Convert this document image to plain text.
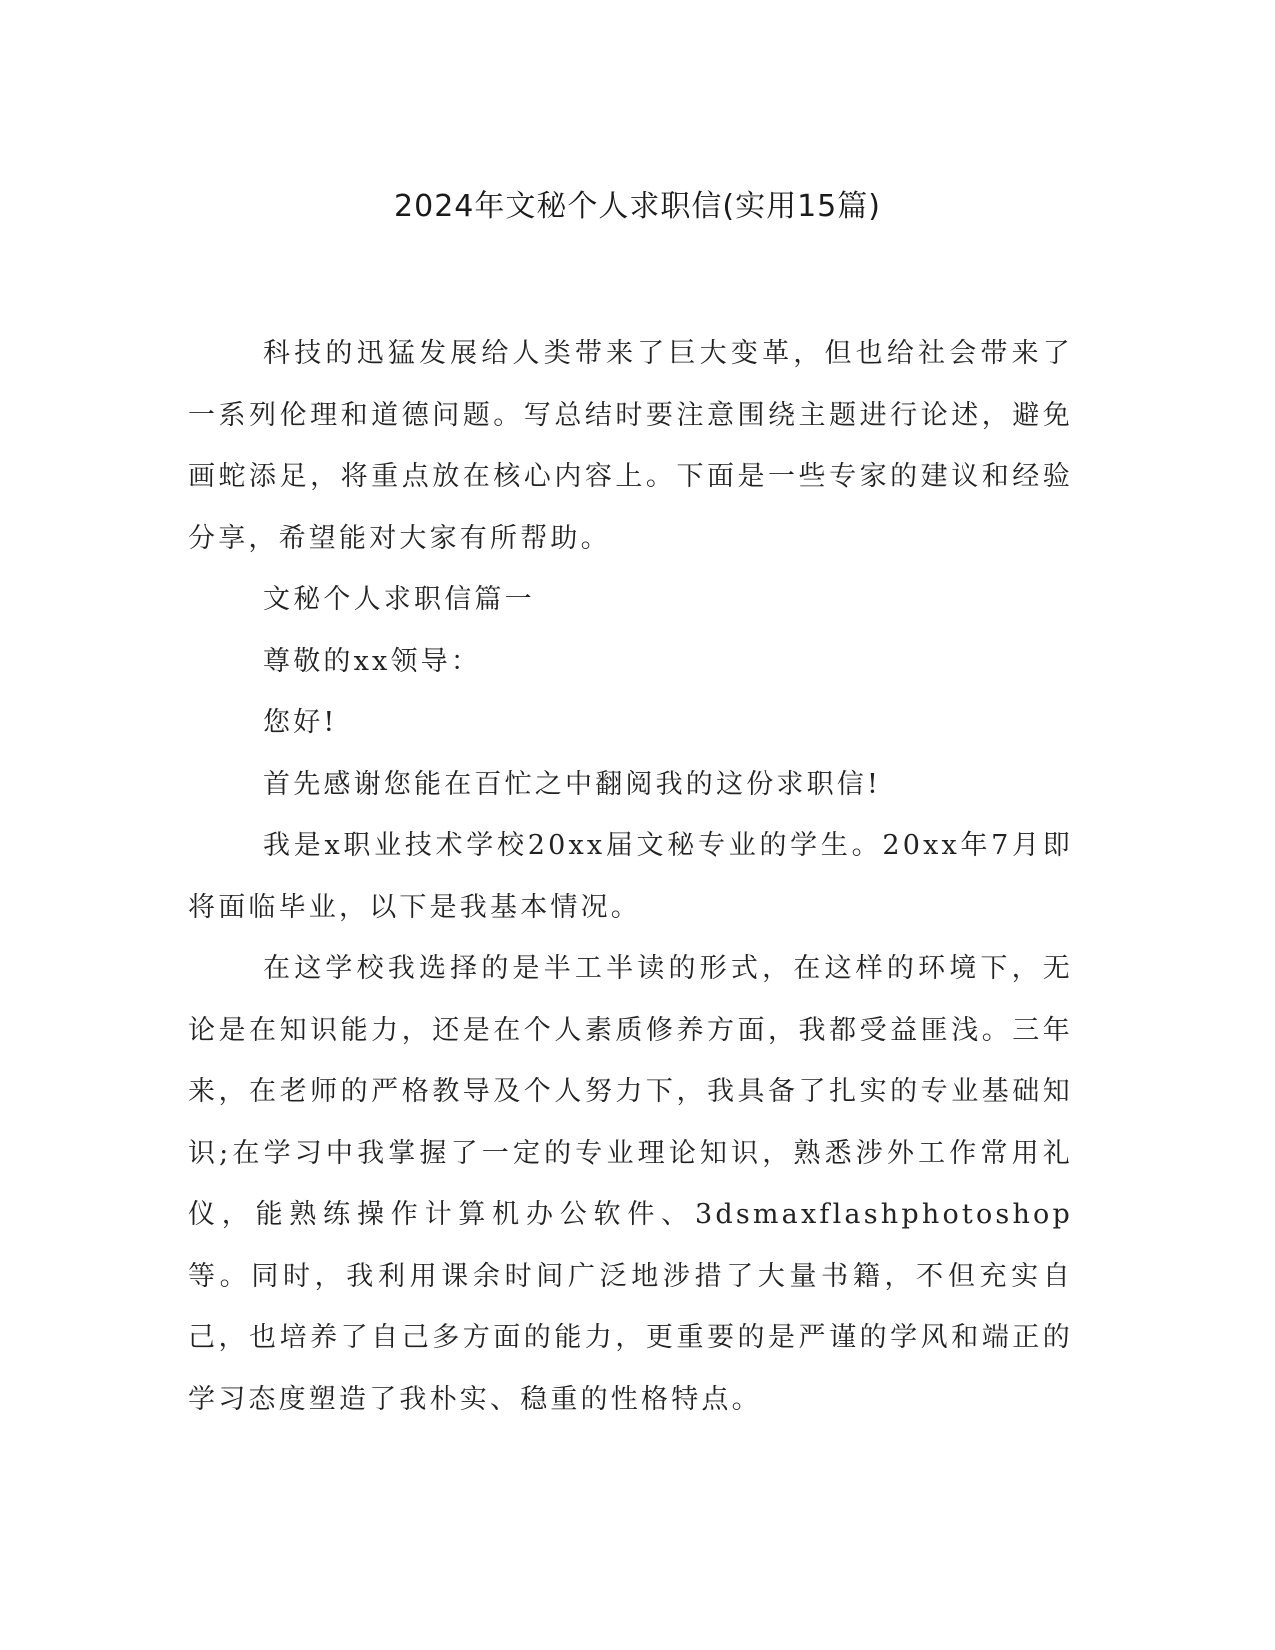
2024年文秘个人求职信(实用15篇)

科技的迅猛发展给人类带来了巨大变革，但也给社会带来了一系列伦理和道德问题。写总结时要注意围绕主题进行论述，避免画蛇添足，将重点放在核心内容上。下面是一些专家的建议和经验分享，希望能对大家有所帮助。

文秘个人求职信篇一

尊敬的xx领导：

您好!

首先感谢您能在百忙之中翻阅我的这份求职信!

我是x职业技术学校20xx届文秘专业的学生。20xx年7月即将面临毕业，以下是我基本情况。

在这学校我选择的是半工半读的形式，在这样的环境下，无论是在知识能力，还是在个人素质修养方面，我都受益匪浅。三年来，在老师的严格教导及个人努力下，我具备了扎实的专业基础知识;在学习中我掌握了一定的专业理论知识，熟悉涉外工作常用礼仪，能熟练操作计算机办公软件、3dsmaxflashphotoshop等。同时，我利用课余时间广泛地涉措了大量书籍，不但充实自己，也培养了自己多方面的能力，更重要的是严谨的学风和端正的学习态度塑造了我朴实、稳重的性格特点。
